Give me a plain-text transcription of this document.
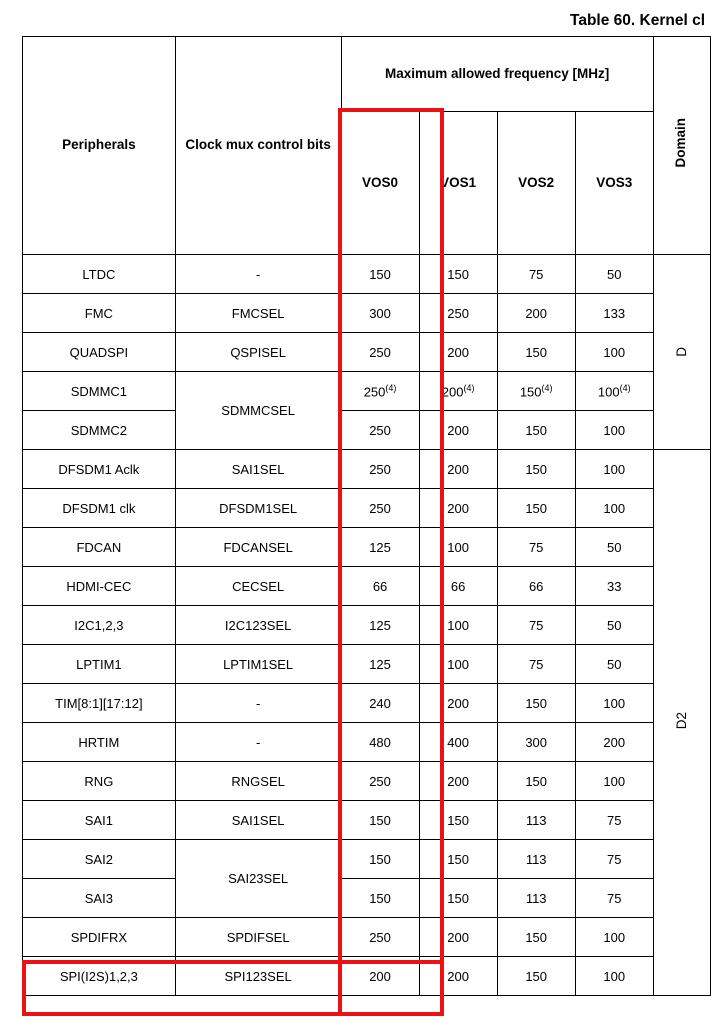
Table 60. Kernel cl
Peripherals	Clock mux control bits	Maximum allowed frequency [MHz]				Domain
		VOS0	VOS1	VOS2	VOS3	
LTDC	-	150	150	75	50	D
FMC	FMCSEL	300	250	200	133	
QUADSPI	QSPISEL	250	200	150	100	
SDMMC1	SDMMCSEL	250$^{(4)}$	200$^{(4)}$	150$^{(4)}$	100$^{(4)}$
SDMMC2		250	200	150	100	
DFSDM1 Aclk	SAI1SEL	250	200	150	100	D2
DFSDM1 clk	DFSDM1SEL	250	200	150	100	
FDCAN	FDCANSEL	125	100	75	50	
HDMI-CEC	CECSEL	66	66	66	33	
I2C1,2,3	I2C123SEL	125	100	75	50	
LPTIM1	LPTIM1SEL	125	100	75	50	
TIM[8:1][17:12]	-	240	200	150	100	
HRTIM	-	480	400	300	200	
RNG	RNGSEL	250	200	150	100	
SAI1	SAI1SEL	150	150	113	75	
SAI2	SAI23SEL	150	150	113	75	
SAI3		150	150	113	75	
SPDIFRX	SPDIFSEL	250	200	150	100	
SPI(I2S)1,2,3	SPI123SEL	200	200	150	100	
